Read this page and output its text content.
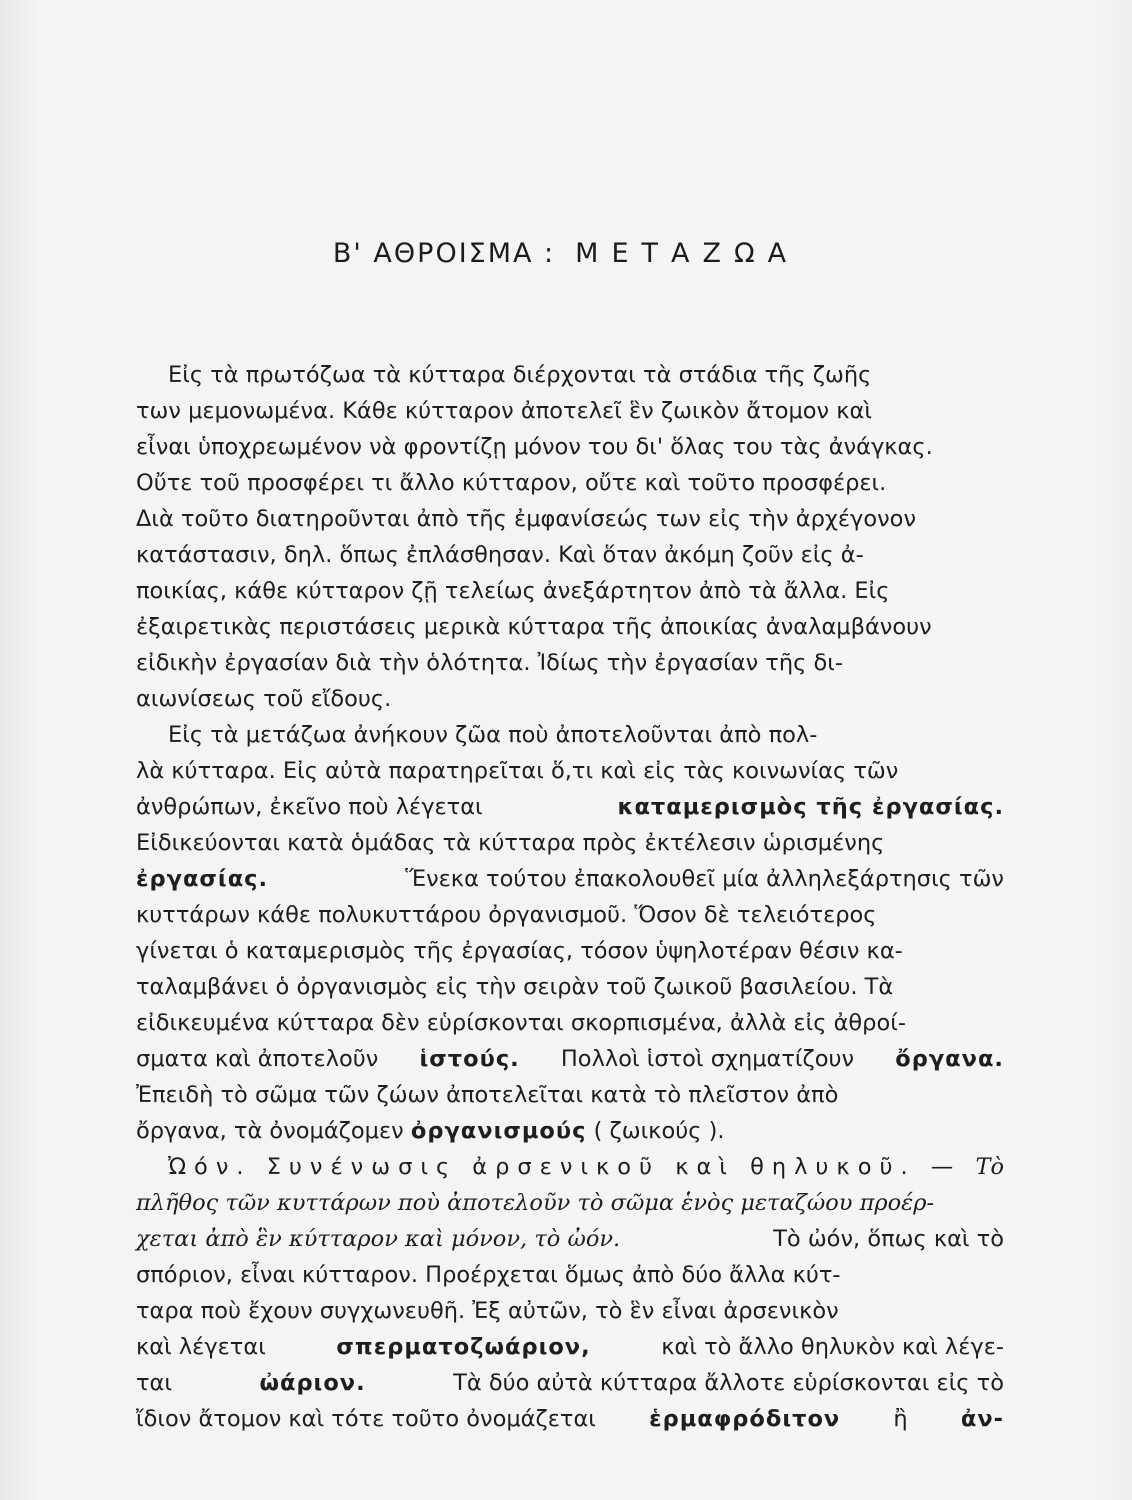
Β' ΑΘΡΟΙΣΜΑ : ΜΕΤΑΖΩΑ
Εἰς τὰ πρωτόζωα τὰ κύτταρα διέρχονται τὰ στάδια τῆς ζωῆς
των μεμονωμένα. Κάθε κύτταρον ἀποτελεῖ ἓν ζωικὸν ἄτομον καὶ
εἶναι ὑποχρεωμένον νὰ φροντίζῃ μόνον του δι' ὅλας του τὰς ἀνάγκας.
Οὔτε τοῦ προσφέρει τι ἄλλο κύτταρον, οὔτε καὶ τοῦτο προσφέρει.
Διὰ τοῦτο διατηροῦνται ἀπὸ τῆς ἐμφανίσεώς των εἰς τὴν ἀρχέγονον
κατάστασιν, δηλ. ὅπως ἐπλάσθησαν. Καὶ ὅταν ἀκόμη ζοῦν εἰς ἀ-
ποικίας, κάθε κύτταρον ζῇ τελείως ἀνεξάρτητον ἀπὸ τὰ ἄλλα. Εἰς
ἐξαιρετικὰς περιστάσεις μερικὰ κύτταρα τῆς ἀποικίας ἀναλαμβάνουν
εἰδικὴν ἐργασίαν διὰ τὴν ὁλότητα. Ἰδίως τὴν ἐργασίαν τῆς δι-
αιωνίσεως τοῦ εἴδους.
Εἰς τὰ μετάζωα ἀνήκουν ζῶα ποὺ ἀποτελοῦνται ἀπὸ πολ-
λὰ κύτταρα. Εἰς αὐτὰ παρατηρεῖται ὅ,τι καὶ εἰς τὰς κοινωνίας τῶν
ἀνθρώπων, ἐκεῖνο ποὺ λέγεται	καταμερισμὸς τῆς ἐργασίας.
Εἰδικεύονται κατὰ ὁμάδας τὰ κύτταρα πρὸς ἐκτέλεσιν ὡρισμένης
ἐργασίας.	Ἕνεκα τούτου ἐπακολουθεῖ μία ἀλληλεξάρτησις τῶν
κυττάρων κάθε πολυκυττάρου ὀργανισμοῦ. Ὅσον δὲ τελειότερος
γίνεται ὁ καταμερισμὸς τῆς ἐργασίας, τόσον ὑψηλοτέραν θέσιν κα-
ταλαμβάνει ὁ ὀργανισμὸς εἰς τὴν σειρὰν τοῦ ζωικοῦ βασιλείου. Τὰ
εἰδικευμένα κύτταρα δὲν εὑρίσκονται σκορπισμένα, ἀλλὰ εἰς ἀθροί-
σματα καὶ ἀποτελοῦν ἱστούς. Πολλοὶ ἱστοὶ σχηματίζουν ὄργανα.
Ἐπειδὴ τὸ σῶμα τῶν ζώων ἀποτελεῖται κατὰ τὸ πλεῖστον ἀπὸ
ὄργανα, τὰ ὀνομάζομεν
ὀργανισμούς
( ζωικούς ).
Ὠόν. Συνένωσις ἀρσενικοῦ καὶ θηλυκοῦ. — Τὸ
πλῆθος τῶν κυττάρων ποὺ ἀποτελοῦν τὸ σῶμα ἑνὸς μεταζώου προέρ-
χεται ἀπὸ ἓν κύτταρον καὶ μόνον, τὸ ὠόν.	Τὸ ὠόν, ὅπως καὶ τὸ
σπόριον, εἶναι κύτταρον. Προέρχεται ὅμως ἀπὸ δύο ἄλλα κύτ-
ταρα ποὺ ἔχουν συγχωνευθῆ. Ἐξ αὐτῶν, τὸ ἓν εἶναι ἀρσενικὸν
καὶ λέγεται	σπερματοζωάριον,	καὶ τὸ ἄλλο θηλυκὸν καὶ λέγε-
ται	ὠάριον.	Τὰ δύο αὐτὰ κύτταρα ἄλλοτε εὑρίσκονται εἰς τὸ
ἴδιον ἄτομον καὶ τότε τοῦτο ὀνομάζεται ἑρμαφρόδιτον ἢ ἀν-
